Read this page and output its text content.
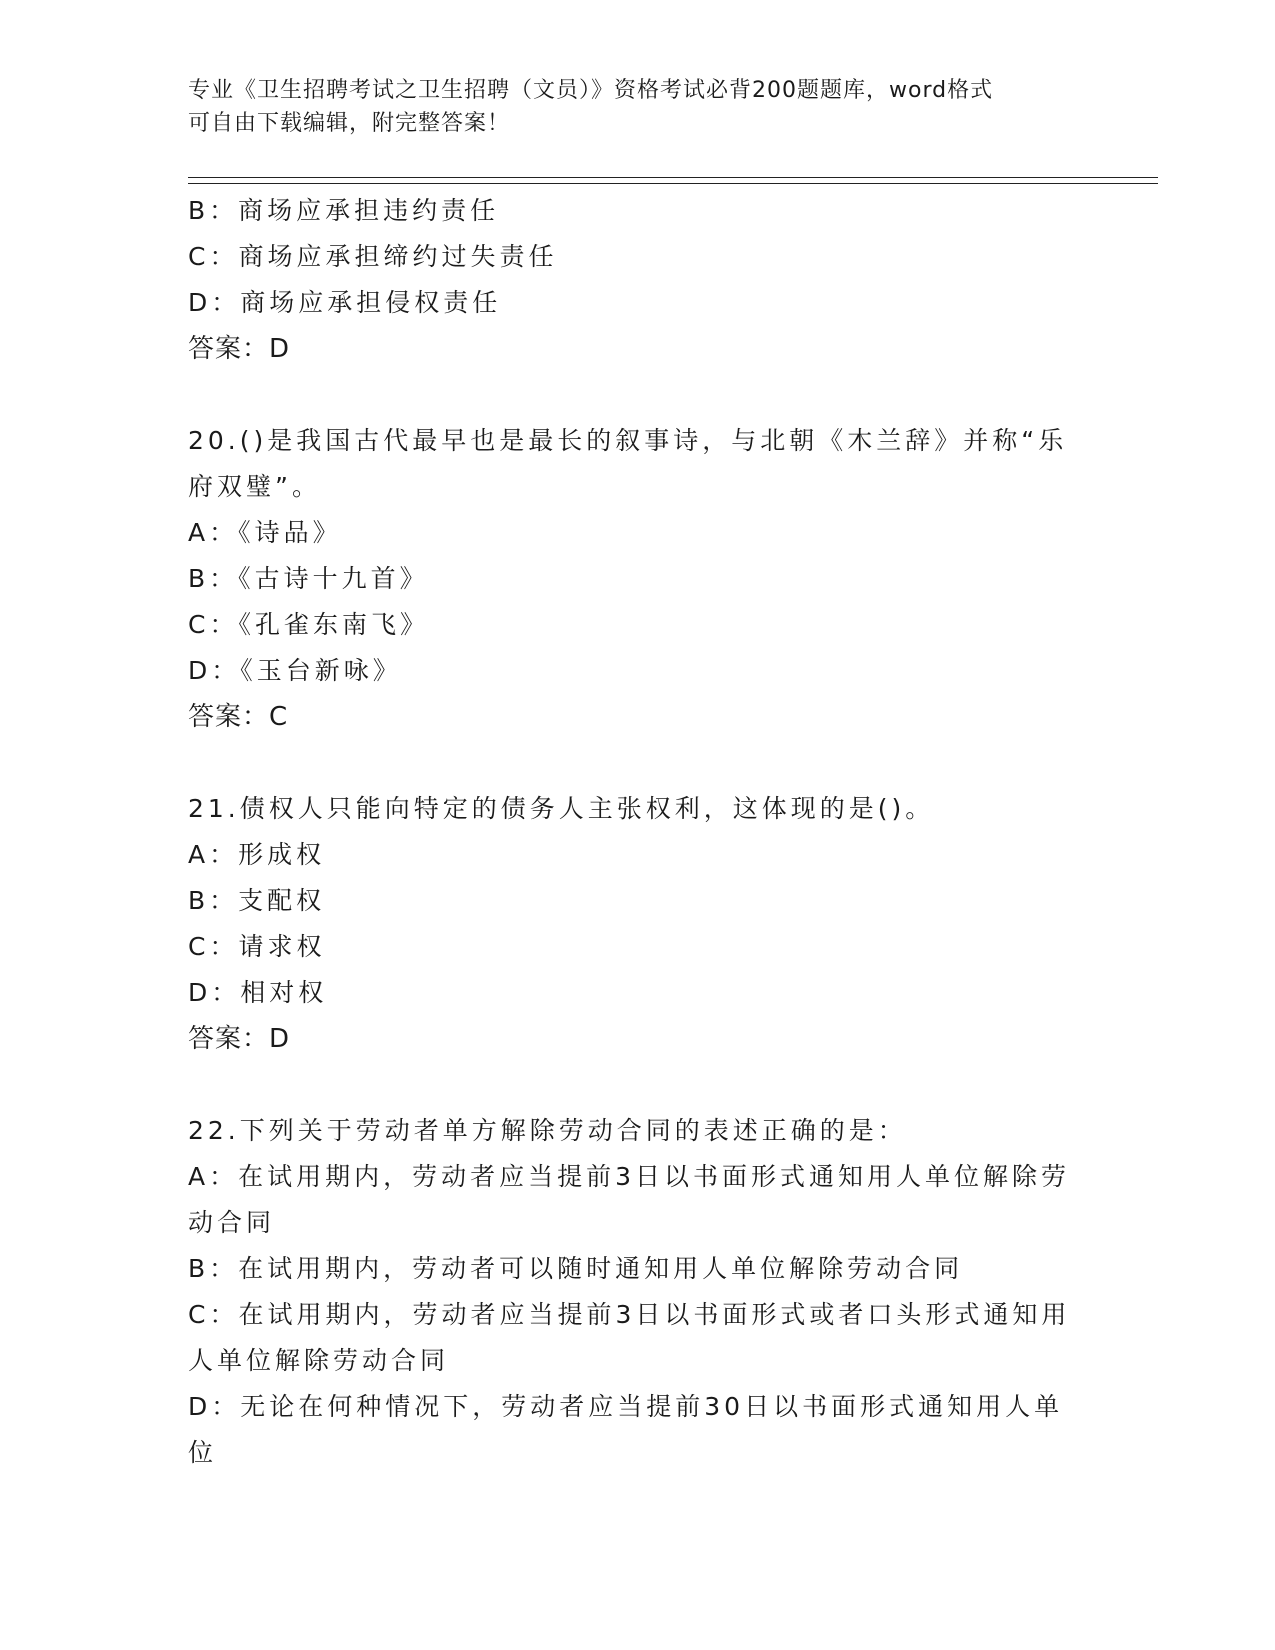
专业《卫生招聘考试之卫生招聘（文员）》资格考试必背200题题库，word格式
可自由下载编辑，附完整答案！
B：商场应承担违约责任
C：商场应承担缔约过失责任
D：商场应承担侵权责任
答案：D
20.()是我国古代最早也是最长的叙事诗，与北朝《木兰辞》并称“乐
府双璧”。
A：《诗品》
B：《古诗十九首》
C：《孔雀东南飞》
D：《玉台新咏》
答案：C
21.债权人只能向特定的债务人主张权利，这体现的是()。
A：形成权
B：支配权
C：请求权
D：相对权
答案：D
22.下列关于劳动者单方解除劳动合同的表述正确的是：
A：在试用期内，劳动者应当提前3日以书面形式通知用人单位解除劳
动合同
B：在试用期内，劳动者可以随时通知用人单位解除劳动合同
C：在试用期内，劳动者应当提前3日以书面形式或者口头形式通知用
人单位解除劳动合同
D：无论在何种情况下，劳动者应当提前30日以书面形式通知用人单
位
